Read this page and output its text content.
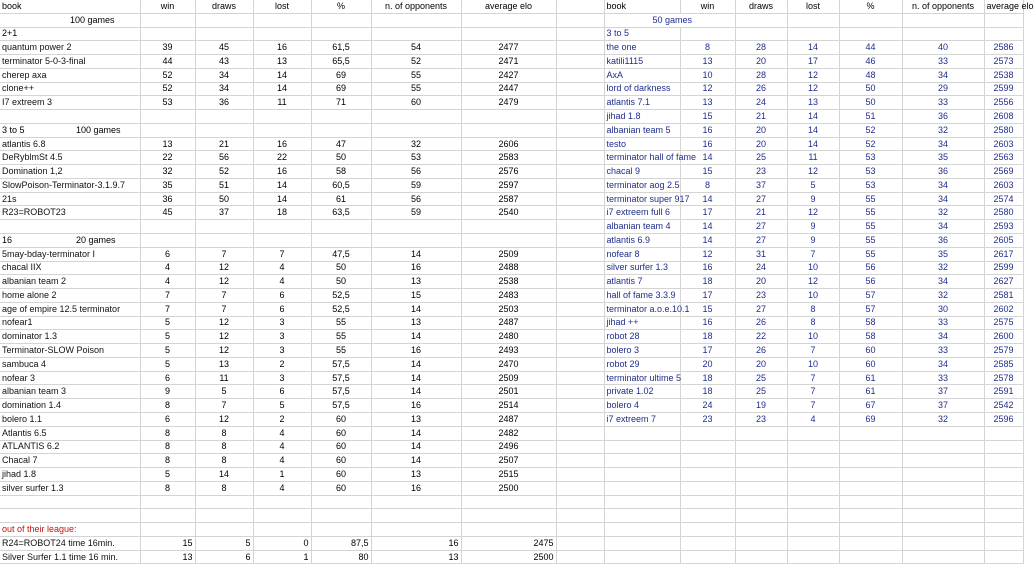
book	win	draws	lost	%	n. of opponents	average elo		book	win	draws	lost	%	n. of opponents	average elo
100 games								50 games						
2+1								3 to 5						
quantum power 2	39	45	16	61,5	54	2477		the one	8	28	14	44	40	2586
terminator 5-0-3-final	44	43	13	65,5	52	2471		katili1115	13	20	17	46	33	2573
cherep axa	52	34	14	69	55	2427		AxA	10	28	12	48	34	2538
clone++	52	34	14	69	55	2447		lord of darkness	12	26	12	50	29	2599
I7 extreem 3	53	36	11	71	60	2479		atlantis 7.1	13	24	13	50	33	2556
								jihad 1.8	15	21	14	51	36	2608
3 to 5 100 games								albanian team 5	16	20	14	52	32	2580
atlantis 6.8	13	21	16	47	32	2606		testo	16	20	14	52	34	2603
DeRyblmSt 4.5	22	56	22	50	53	2583		terminator hall of fame	14	25	11	53	35	2563
Domination 1,2	32	52	16	58	56	2576		chacal 9	15	23	12	53	36	2569
SlowPoison-Terminator-3.1.9.7	35	51	14	60,5	59	2597		terminator aog 2.5	8	37	5	53	34	2603
21s	36	50	14	61	56	2587		terminator super 917	14	27	9	55	34	2574
R23=ROBOT23	45	37	18	63,5	59	2540		i7 extreem full 6	17	21	12	55	32	2580
								albanian team 4	14	27	9	55	34	2593
16 20 games								atlantis 6.9	14	27	9	55	36	2605
5may-bday-terminator I	6	7	7	47,5	14	2509		nofear 8	12	31	7	55	35	2617
chacal IIX	4	12	4	50	16	2488		silver surfer 1.3	16	24	10	56	32	2599
albanian team 2	4	12	4	50	13	2538		atlantis 7	18	20	12	56	34	2627
home alone 2	7	7	6	52,5	15	2483		hall of fame 3.3.9	17	23	10	57	32	2581
age of empire 12.5 terminator	7	7	6	52,5	14	2503		terminator a.o.e.10.1	15	27	8	57	30	2602
nofear1	5	12	3	55	13	2487		jihad ++	16	26	8	58	33	2575
dominator 1.3	5	12	3	55	14	2480		robot 28	18	22	10	58	34	2600
Terminator-SLOW Poison	5	12	3	55	16	2493		bolero 3	17	26	7	60	33	2579
sambuca 4	5	13	2	57,5	14	2470		robot 29	20	20	10	60	34	2585
nofear 3	6	11	3	57,5	14	2509		terminator ultime 5	18	25	7	61	33	2578
albanian team 3	9	5	6	57,5	14	2501		private 1.02	18	25	7	61	37	2591
domination 1.4	8	7	5	57,5	16	2514		bolero 4	24	19	7	67	37	2542
bolero 1.1	6	12	2	60	13	2487		i7 extreem 7	23	23	4	69	32	2596
Atlantis 6.5	8	8	4	60	14	2482								
ATLANTIS 6.2	8	8	4	60	14	2496								
Chacal 7	8	8	4	60	14	2507								
jihad 1.8	5	14	1	60	13	2515								
silver surfer 1.3	8	8	4	60	16	2500								

out of their league:														
R24=ROBOT24 time 16min.	15	5	0	87,5	16	2475								
Silver Surfer 1.1 time 16 min.	13	6	1	80	13	2500								
